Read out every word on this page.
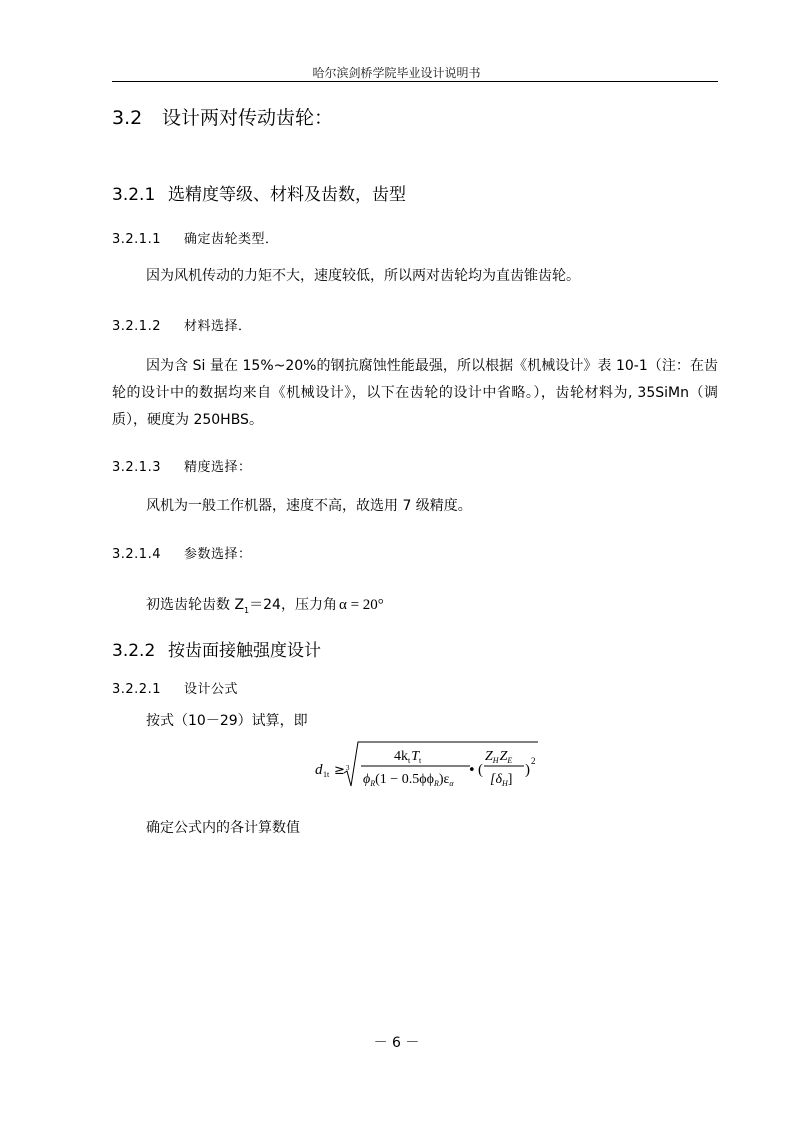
哈尔滨剑桥学院毕业设计说明书
3.2 设计两对传动齿轮：
3.2.1 选精度等级、材料及齿数，齿型
3.2.1.1 确定齿轮类型．
因为风机传动的力矩不大，速度较低，所以两对齿轮均为直齿锥齿轮。
3.2.1.2 材料选择．
因为含 Si 量在 15%~20%的钢抗腐蚀性能最强，所以根据《机械设计》表 10-1（注：在齿轮的设计中的数据均来自《机械设计》，以下在齿轮的设计中省略。），齿轮材料为, 35SiMn（调质），硬度为 250HBS。
3.2.1.3 精度选择：
风机为一般工作机器，速度不高，故选用 7 级精度。
3.2.1.4 参数选择：
初选齿轮齿数 $Z_1=24$，压力角 α = 20°
3.2.2 按齿面接触强度设计
3.2.2.1 设计公式
按式（10－29）试算，即
d 1t ≥ 3
$4k_tT_t$
$\phi_R(1 - 0.5\phi\phi_R)\varepsilon_\alpha$
• (
$Z_HZ_E$
$[\delta_H]$
)
2
确定公式内的各计算数值
－ 6 －
